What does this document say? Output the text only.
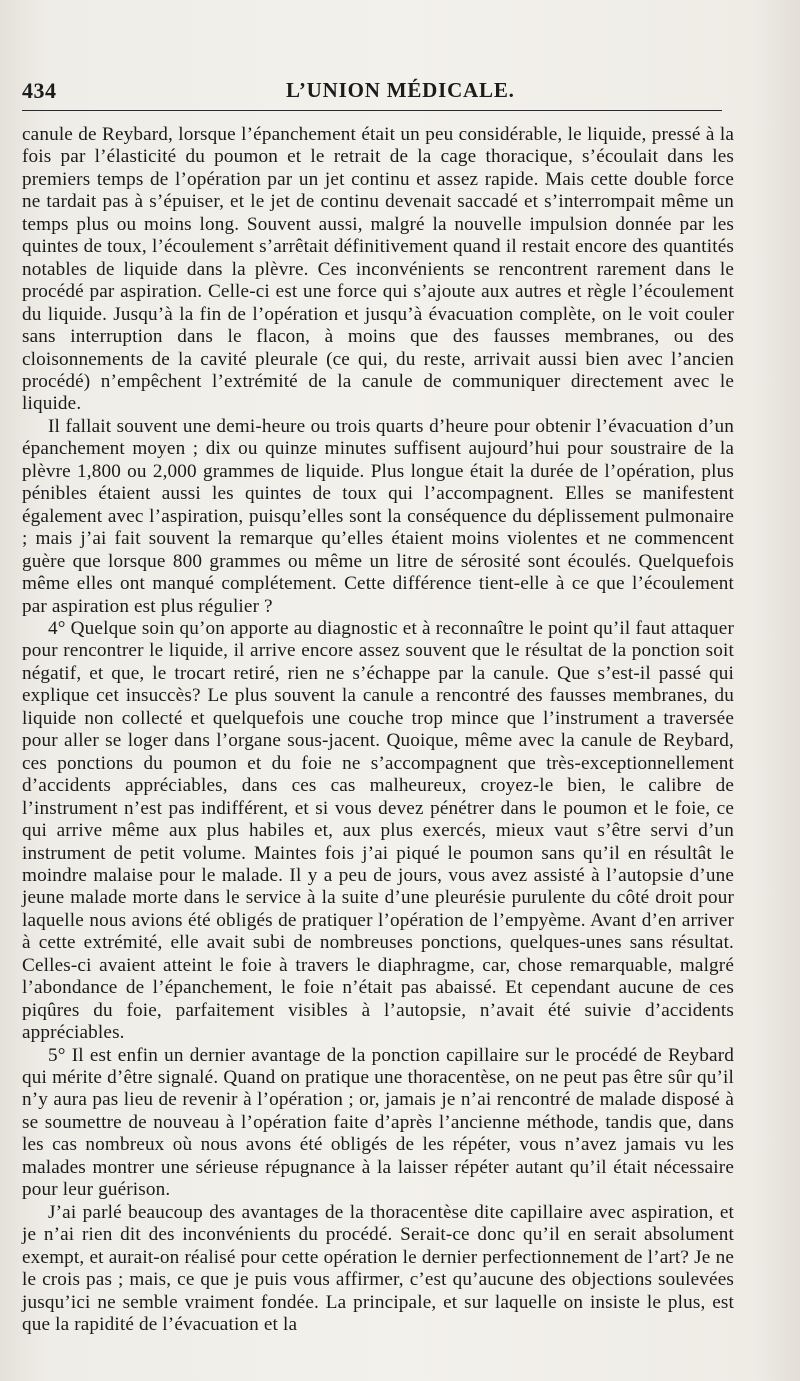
434	L’UNION MÉDICALE.

canule de Reybard, lorsque l’épanchement était un peu considérable, le liquide, pressé à la fois par l’élasticité du poumon et le retrait de la cage thoracique, s’écoulait dans les premiers temps de l’opération par un jet continu et assez rapide. Mais cette double force ne tardait pas à s’épuiser, et le jet de continu devenait saccadé et s’interrompait même un temps plus ou moins long. Souvent aussi, malgré la nouvelle impulsion donnée par les quintes de toux, l’écoulement s’arrêtait définitivement quand il restait encore des quantités notables de liquide dans la plèvre. Ces inconvénients se rencontrent rarement dans le procédé par aspiration. Celle-ci est une force qui s’ajoute aux autres et règle l’écoulement du liquide. Jusqu’à la fin de l’opération et jusqu’à évacuation complète, on le voit couler sans interruption dans le flacon, à moins que des fausses membranes, ou des cloisonnements de la cavité pleurale (ce qui, du reste, arrivait aussi bien avec l’ancien procédé) n’empêchent l’extrémité de la canule de communiquer directement avec le liquide.

Il fallait souvent une demi-heure ou trois quarts d’heure pour obtenir l’évacuation d’un épanchement moyen ; dix ou quinze minutes suffisent aujourd’hui pour soustraire de la plèvre 1,800 ou 2,000 grammes de liquide. Plus longue était la durée de l’opération, plus pénibles étaient aussi les quintes de toux qui l’accompagnent. Elles se manifestent également avec l’aspiration, puisqu’elles sont la conséquence du déplissement pulmonaire ; mais j’ai fait souvent la remarque qu’elles étaient moins violentes et ne commencent guère que lorsque 800 grammes ou même un litre de sérosité sont écoulés. Quelquefois même elles ont manqué complétement. Cette différence tient-elle à ce que l’écoulement par aspiration est plus régulier ?

4° Quelque soin qu’on apporte au diagnostic et à reconnaître le point qu’il faut attaquer pour rencontrer le liquide, il arrive encore assez souvent que le résultat de la ponction soit négatif, et que, le trocart retiré, rien ne s’échappe par la canule. Que s’est-il passé qui explique cet insuccès? Le plus souvent la canule a rencontré des fausses membranes, du liquide non collecté et quelquefois une couche trop mince que l’instrument a traversée pour aller se loger dans l’organe sous-jacent. Quoique, même avec la canule de Reybard, ces ponctions du poumon et du foie ne s’accompagnent que très-exceptionnellement d’accidents appréciables, dans ces cas malheureux, croyez-le bien, le calibre de l’instrument n’est pas indifférent, et si vous devez pénétrer dans le poumon et le foie, ce qui arrive même aux plus habiles et, aux plus exercés, mieux vaut s’être servi d’un instrument de petit volume. Maintes fois j’ai piqué le poumon sans qu’il en résultât le moindre malaise pour le malade. Il y a peu de jours, vous avez assisté à l’autopsie d’une jeune malade morte dans le service à la suite d’une pleurésie purulente du côté droit pour laquelle nous avions été obligés de pratiquer l’opération de l’empyème. Avant d’en arriver à cette extrémité, elle avait subi de nombreuses ponctions, quelques-unes sans résultat. Celles-ci avaient atteint le foie à travers le diaphragme, car, chose remarquable, malgré l’abondance de l’épanchement, le foie n’était pas abaissé. Et cependant aucune de ces piqûres du foie, parfaitement visibles à l’autopsie, n’avait été suivie d’accidents appréciables.

5° Il est enfin un dernier avantage de la ponction capillaire sur le procédé de Reybard qui mérite d’être signalé. Quand on pratique une thoracentèse, on ne peut pas être sûr qu’il n’y aura pas lieu de revenir à l’opération ; or, jamais je n’ai rencontré de malade disposé à se soumettre de nouveau à l’opération faite d’après l’ancienne méthode, tandis que, dans les cas nombreux où nous avons été obligés de les répéter, vous n’avez jamais vu les malades montrer une sérieuse répugnance à la laisser répéter autant qu’il était nécessaire pour leur guérison.

J’ai parlé beaucoup des avantages de la thoracentèse dite capillaire avec aspiration, et je n’ai rien dit des inconvénients du procédé. Serait-ce donc qu’il en serait absolument exempt, et aurait-on réalisé pour cette opération le dernier perfectionnement de l’art? Je ne le crois pas ; mais, ce que je puis vous affirmer, c’est qu’aucune des objections soulevées jusqu’ici ne semble vraiment fondée. La principale, et sur laquelle on insiste le plus, est que la rapidité de l’évacuation et la
